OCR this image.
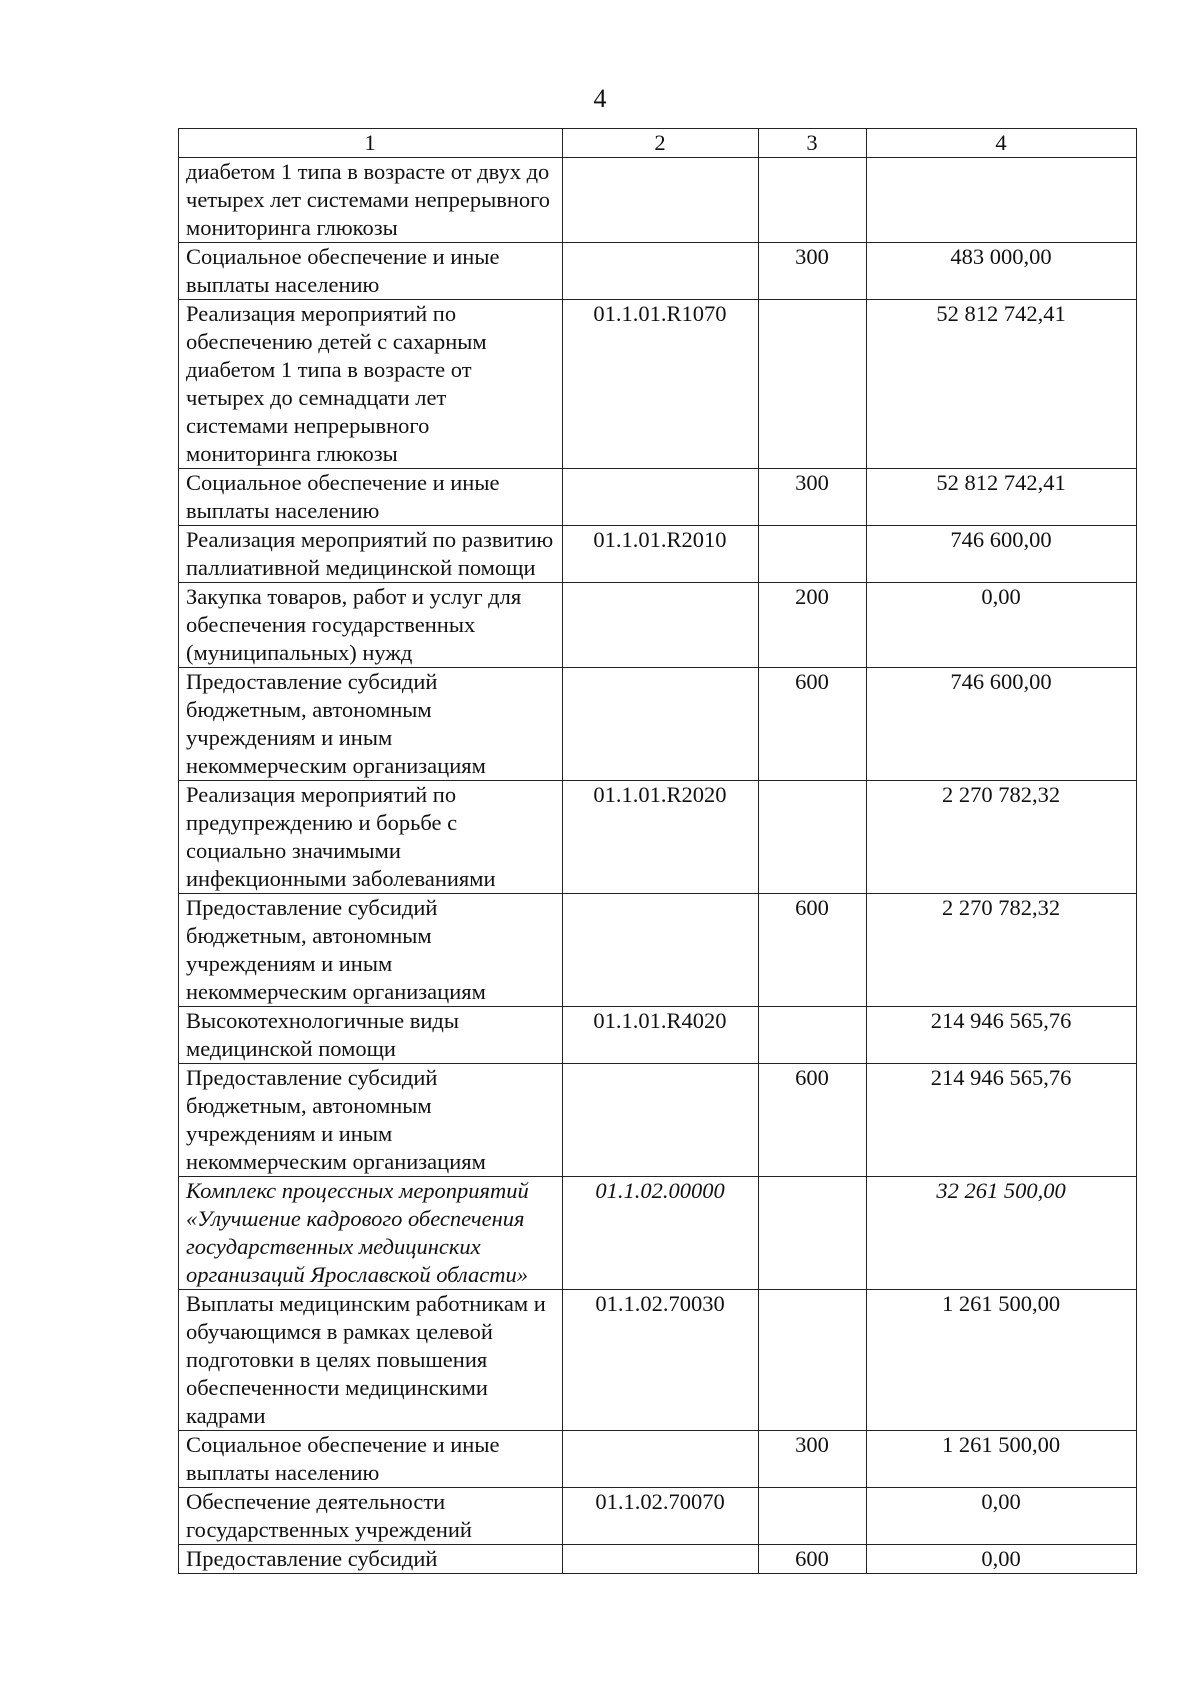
4
1	2	3	4
диабетом 1 типа в возрасте от двух до четырех лет системами непрерывного мониторинга глюкозы			
Социальное обеспечение и иные выплаты населению		300	483 000,00
Реализация мероприятий по обеспечению детей с сахарным диабетом 1 типа в возрасте от четырех до семнадцати лет системами непрерывного мониторинга глюкозы	01.1.01.R1070		52 812 742,41
Социальное обеспечение и иные выплаты населению		300	52 812 742,41
Реализация мероприятий по развитию паллиативной медицинской помощи	01.1.01.R2010		746 600,00
Закупка товаров, работ и услуг для обеспечения государственных (муниципальных) нужд		200	0,00
Предоставление субсидий бюджетным, автономным учреждениям и иным некоммерческим организациям		600	746 600,00
Реализация мероприятий по предупреждению и борьбе с социально значимыми инфекционными заболеваниями	01.1.01.R2020		2 270 782,32
Предоставление субсидий бюджетным, автономным учреждениям и иным некоммерческим организациям		600	2 270 782,32
Высокотехнологичные виды медицинской помощи	01.1.01.R4020		214 946 565,76
Предоставление субсидий бюджетным, автономным учреждениям и иным некоммерческим организациям		600	214 946 565,76
Комплекс процессных мероприятий «Улучшение кадрового обеспечения государственных медицинских организаций Ярославской области»	01.1.02.00000		32 261 500,00
Выплаты медицинским работникам и обучающимся в рамках целевой подготовки в целях повышения обеспеченности медицинскими кадрами	01.1.02.70030		1 261 500,00
Социальное обеспечение и иные выплаты населению		300	1 261 500,00
Обеспечение деятельности государственных учреждений	01.1.02.70070		0,00
Предоставление субсидий		600	0,00
